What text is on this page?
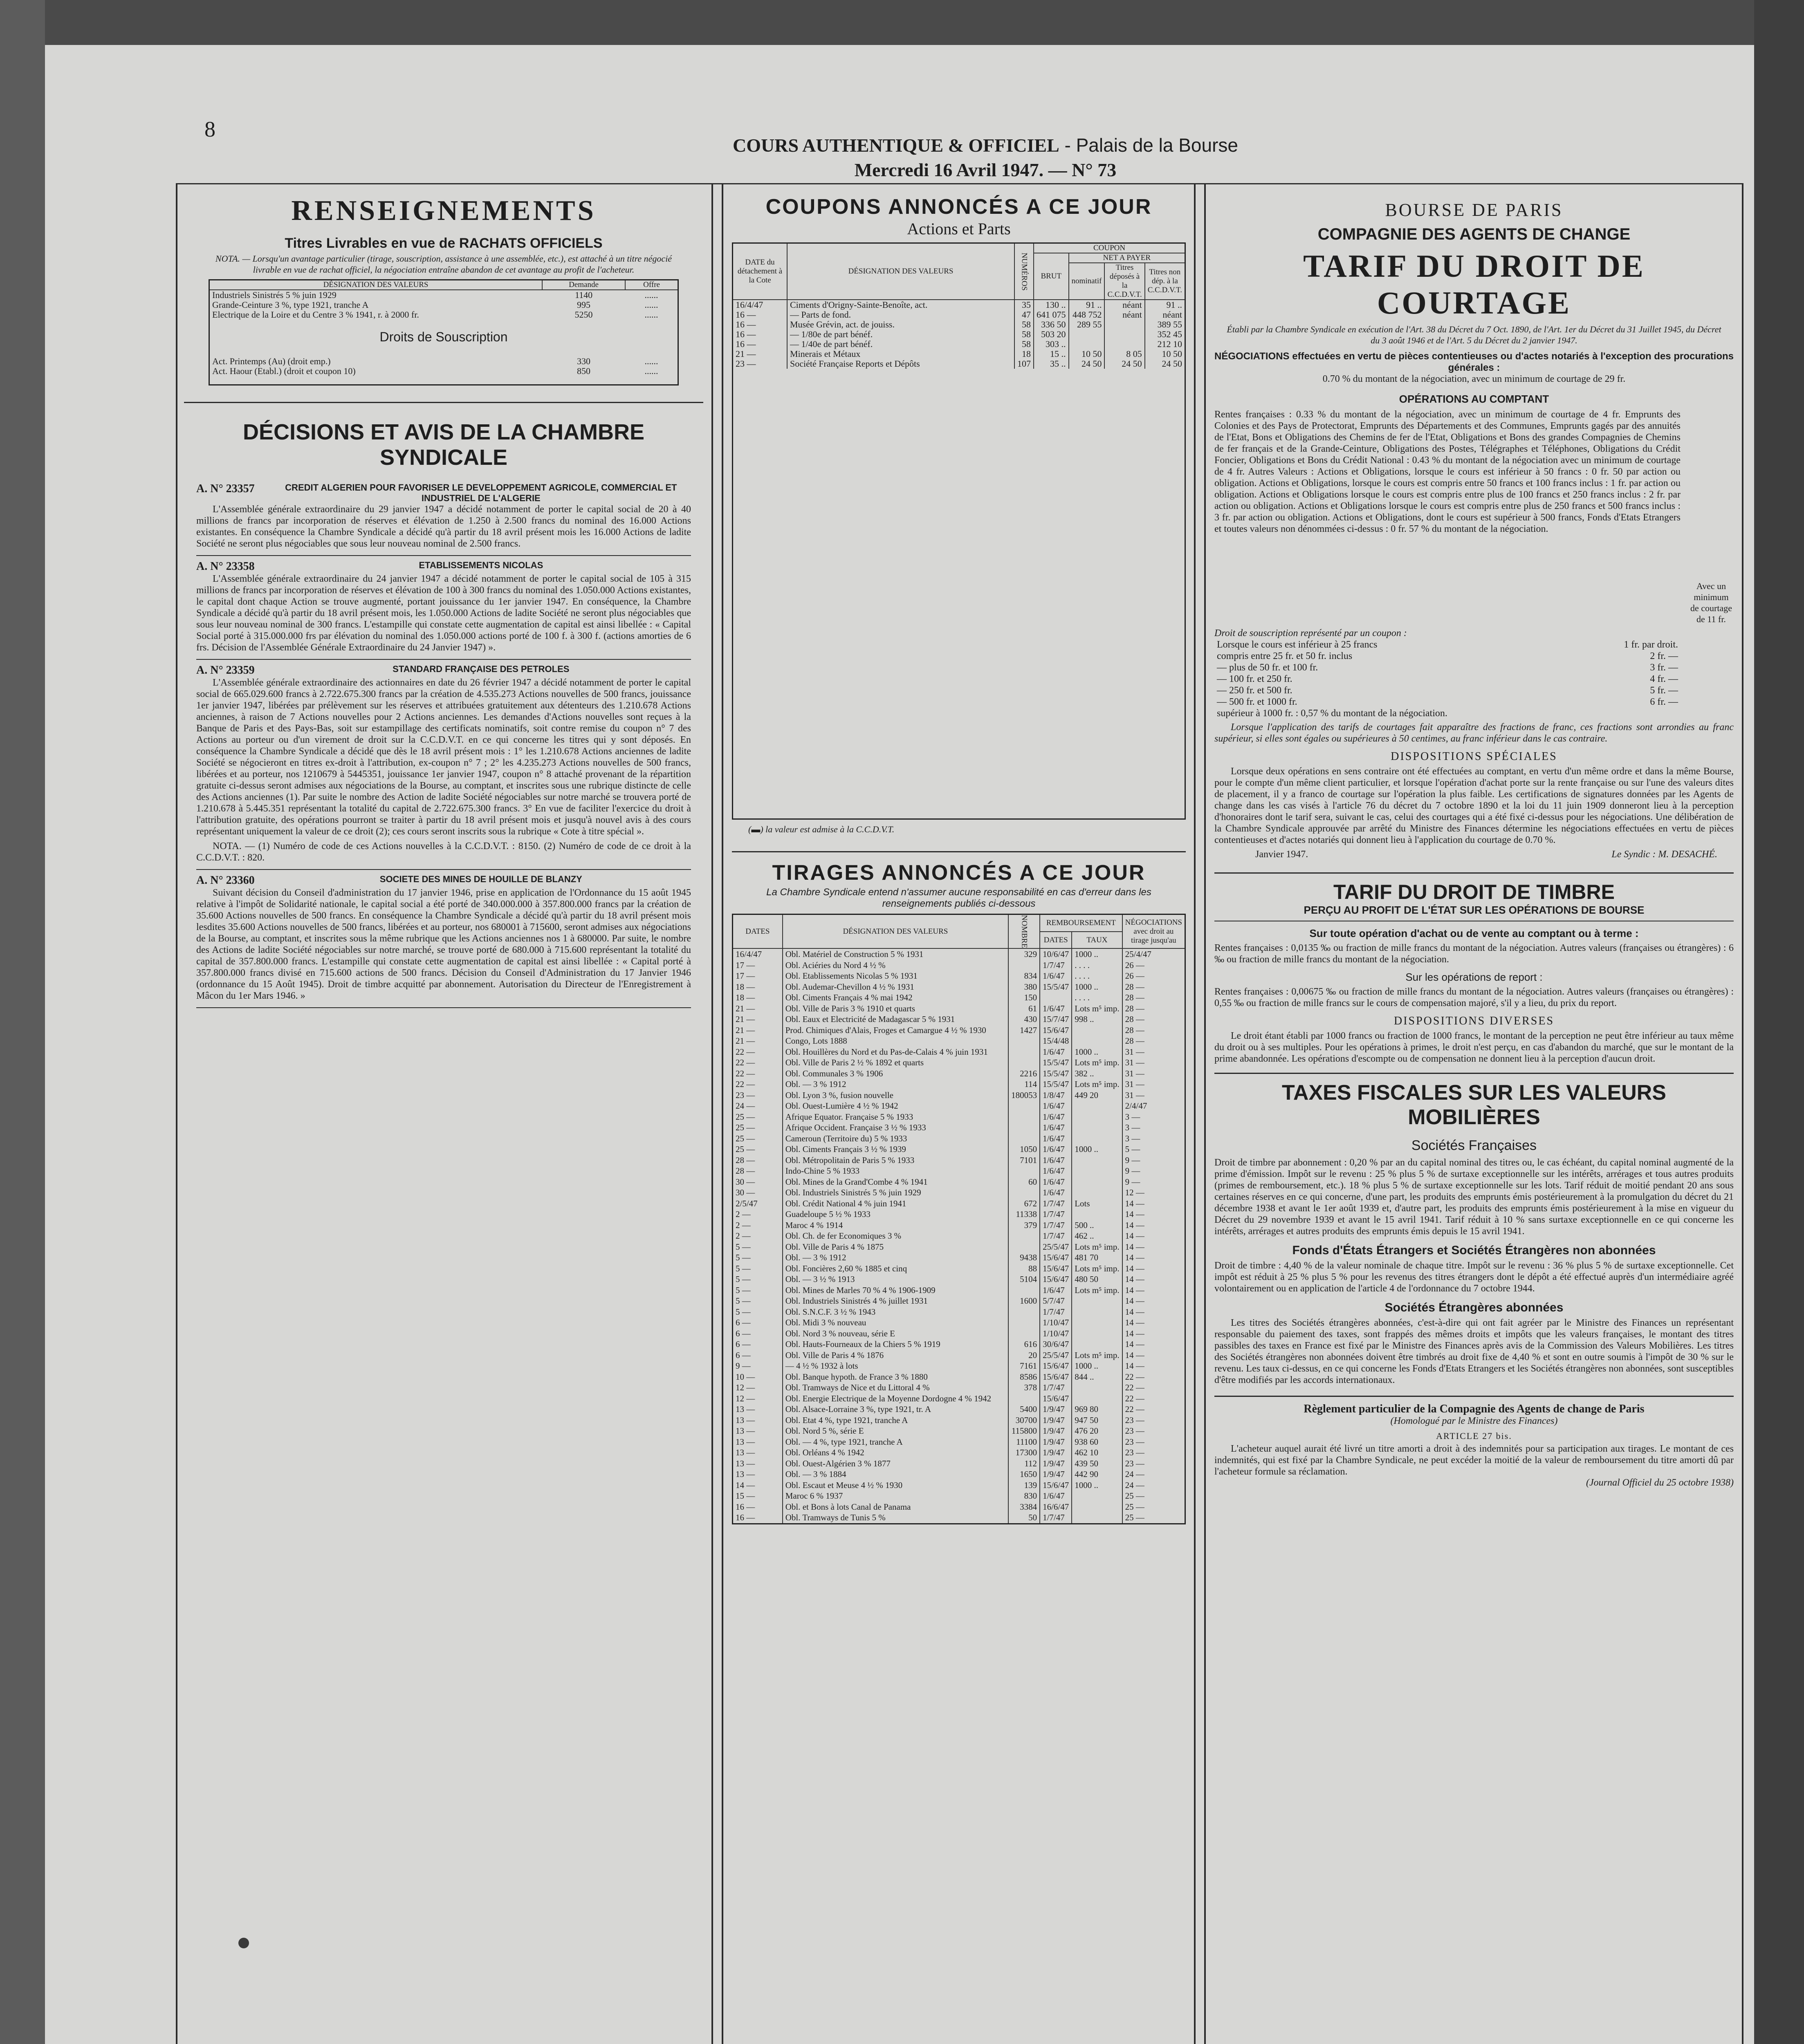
8
COURS AUTHENTIQUE & OFFICIEL - Palais de la Bourse
Mercredi 16 Avril 1947. — N° 73
RENSEIGNEMENTS
Titres Livrables en vue de RACHATS OFFICIELS
NOTA. — Lorsqu'un avantage particulier (tirage, souscription, assistance à une assemblée, etc.), est attaché à un titre négocié livrable en vue de rachat officiel, la négociation entraîne abandon de cet avantage au profit de l'acheteur.
DÉSIGNATION DES VALEURS	Demande	Offre
Industriels Sinistrés 5 % juin 1929	1140	......
Grande-Ceinture 3 %, type 1921, tranche A	995	......
Electrique de la Loire et du Centre 3 % 1941, r. à 2000 fr.	5250	......

Droits de Souscription		

Act. Printemps (Au) (droit emp.)	330	......
Act. Haour (Etabl.) (droit et coupon 10)	850	......

DÉCISIONS ET AVIS DE LA CHAMBRE SYNDICALE
A. N° 23357	CREDIT ALGERIEN POUR FAVORISER LE DEVELOPPEMENT AGRICOLE, COMMERCIAL ET INDUSTRIEL DE L'ALGERIE
L'Assemblée générale extraordinaire du 29 janvier 1947 a décidé notamment de porter le capital social de 20 à 40 millions de francs par incorporation de réserves et élévation de 1.250 à 2.500 francs du nominal des 16.000 Actions existantes. En conséquence la Chambre Syndicale a décidé qu'à partir du 18 avril présent mois les 16.000 Actions de ladite Société ne seront plus négociables que sous leur nouveau nominal de 2.500 francs.
A. N° 23358	ETABLISSEMENTS NICOLAS
L'Assemblée générale extraordinaire du 24 janvier 1947 a décidé notamment de porter le capital social de 105 à 315 millions de francs par incorporation de réserves et élévation de 100 à 300 francs du nominal des 1.050.000 Actions existantes, le capital dont chaque Action se trouve augmenté, portant jouissance du 1er janvier 1947. En conséquence, la Chambre Syndicale a décidé qu'à partir du 18 avril présent mois, les 1.050.000 Actions de ladite Société ne seront plus négociables que sous leur nouveau nominal de 300 francs. L'estampille qui constate cette augmentation de capital est ainsi libellée : « Capital Social porté à 315.000.000 frs par élévation du nominal des 1.050.000 actions porté de 100 f. à 300 f. (actions amorties de 6 frs. Décision de l'Assemblée Générale Extraordinaire du 24 Janvier 1947) ».
A. N° 23359	STANDARD FRANÇAISE DES PETROLES
L'Assemblée générale extraordinaire des actionnaires en date du 26 février 1947 a décidé notamment de porter le capital social de 665.029.600 francs à 2.722.675.300 francs par la création de 4.535.273 Actions nouvelles de 500 francs, jouissance 1er janvier 1947, libérées par prélèvement sur les réserves et attribuées gratuitement aux détenteurs des 1.210.678 Actions anciennes, à raison de 7 Actions nouvelles pour 2 Actions anciennes. Les demandes d'Actions nouvelles sont reçues à la Banque de Paris et des Pays-Bas, soit sur estampillage des certificats nominatifs, soit contre remise du coupon n° 7 des Actions au porteur ou d'un virement de droit sur la C.C.D.V.T. en ce qui concerne les titres qui y sont déposés. En conséquence la Chambre Syndicale a décidé que dès le 18 avril présent mois : 1° les 1.210.678 Actions anciennes de ladite Société se négocieront en titres ex-droit à l'attribution, ex-coupon n° 7 ; 2° les 4.235.273 Actions nouvelles de 500 francs, libérées et au porteur, nos 1210679 à 5445351, jouissance 1er janvier 1947, coupon n° 8 attaché provenant de la répartition gratuite ci-dessus seront admises aux négociations de la Bourse, au comptant, et inscrites sous une rubrique distincte de celle des Actions anciennes (1). Par suite le nombre des Action de ladite Société négociables sur notre marché se trouvera porté de 1.210.678 à 5.445.351 représentant la totalité du capital de 2.722.675.300 francs. 3° En vue de faciliter l'exercice du droit à l'attribution gratuite, des opérations pourront se traiter à partir du 18 avril présent mois et jusqu'à nouvel avis à des cours représentant uniquement la valeur de ce droit (2); ces cours seront inscrits sous la rubrique « Cote à titre spécial ».
NOTA. — (1) Numéro de code de ces Actions nouvelles à la C.C.D.V.T. : 8150. (2) Numéro de code de ce droit à la C.C.D.V.T. : 820.
A. N° 23360	SOCIETE DES MINES DE HOUILLE DE BLANZY
Suivant décision du Conseil d'administration du 17 janvier 1946, prise en application de l'Ordonnance du 15 août 1945 relative à l'impôt de Solidarité nationale, le capital social a été porté de 340.000.000 à 357.800.000 francs par la création de 35.600 Actions nouvelles de 500 francs. En conséquence la Chambre Syndicale a décidé qu'à partir du 18 avril présent mois lesdites 35.600 Actions nouvelles de 500 francs, libérées et au porteur, nos 680001 à 715600, seront admises aux négociations de la Bourse, au comptant, et inscrites sous la même rubrique que les Actions anciennes nos 1 à 680000. Par suite, le nombre des Actions de ladite Société négociables sur notre marché, se trouve porté de 680.000 à 715.600 représentant la totalité du capital de 357.800.000 francs. L'estampille qui constate cette augmentation de capital est ainsi libellée : « Capital porté à 357.800.000 francs divisé en 715.600 actions de 500 francs. Décision du Conseil d'Administration du 17 Janvier 1946 (ordonnance du 15 Août 1945). Droit de timbre acquitté par abonnement. Autorisation du Directeur de l'Enregistrement à Mâcon du 1er Mars 1946. »
COUPONS ANNONCÉS A CE JOUR
Actions et Parts
DATE du détachement à la Cote	DÉSIGNATION DES VALEURS	NUMÉROS	COUPON			
			BRUT	NET A PAYER		
				nominatif	Titres déposés à la C.C.D.V.T.	Titres non dép. à la C.C.D.V.T.
16/4/47	Ciments d'Origny-Sainte-Benoîte, act.	35	130 ..	91 ..	néant	91 ..
16 —	— Parts de fond.	47	641 075	448 752	néant	néant
16 —	Musée Grévin, act. de jouiss.	58	336 50	289 55		389 55
16 —	— 1/80e de part bénéf.	58	503 20			352 45
16 —	— 1/40e de part bénéf.	58	303 ..			212 10
21 —	Minerais et Métaux	18	15 ..	10 50	8 05	10 50
23 —	Société Française Reports et Dépôts	107	35 ..	24 50	24 50	24 50

(▬) la valeur est admise à la C.C.D.V.T.
TIRAGES ANNONCÉS A CE JOUR
La Chambre Syndicale entend n'assumer aucune responsabilité en cas d'erreur dans les renseignements publiés ci-dessous
DATES	DÉSIGNATION DES VALEURS	NOMBRE	REMBOURSEMENT		NÉGOCIATIONS avec droit au tirage jusqu'au
			DATES	TAUX	
16/4/47	Obl. Matériel de Construction 5 % 1931	329	10/6/47	1000 ..	25/4/47
17 —	Obl. Aciéries du Nord 4 ½ %		1/7/47	. . . .	26 —
17 —	Obl. Etablissements Nicolas 5 % 1931	834	1/6/47	. . . .	26 —
18 —	Obl. Audemar-Chevillon 4 ½ % 1931	380	15/5/47	1000 ..	28 —
18 —	Obl. Ciments Français 4 % mai 1942	150		. . . .	28 —
21 —	Obl. Ville de Paris 3 % 1910 et quarts	61	1/6/47	Lots m⁵ imp.	28 —
21 —	Obl. Eaux et Electricité de Madagascar 5 % 1931	430	15/7/47	998 ..	28 —
21 —	Prod. Chimiques d'Alais, Froges et Camargue 4 ½ % 1930	1427	15/6/47		28 —
21 —	Congo, Lots 1888		15/4/48		28 —
22 —	Obl. Houillères du Nord et du Pas-de-Calais 4 % juin 1931		1/6/47	1000 ..	31 —
22 —	Obl. Ville de Paris 2 ½ % 1892 et quarts		15/5/47	Lots m⁵ imp.	31 —
22 —	Obl. Communales 3 % 1906	2216	15/5/47	382 ..	31 —
22 —	Obl. — 3 % 1912	114	15/5/47	Lots m⁵ imp.	31 —
23 —	Obl. Lyon 3 %, fusion nouvelle	180053	1/8/47	449 20	31 —
24 —	Obl. Ouest-Lumière 4 ½ % 1942		1/6/47		2/4/47
25 —	Afrique Equator. Française 5 % 1933		1/6/47		3 —
25 —	Afrique Occident. Française 3 ½ % 1933		1/6/47		3 —
25 —	Cameroun (Territoire du) 5 % 1933		1/6/47		3 —
25 —	Obl. Ciments Français 3 ½ % 1939	1050	1/6/47	1000 ..	5 —
28 —	Obl. Métropolitain de Paris 5 % 1933	7101	1/6/47		9 —
28 —	Indo-Chine 5 % 1933		1/6/47		9 —
30 —	Obl. Mines de la Grand'Combe 4 % 1941	60	1/6/47		9 —
30 —	Obl. Industriels Sinistrés 5 % juin 1929		1/6/47		12 —
2/5/47	Obl. Crédit National 4 % juin 1941	672	1/7/47	Lots	14 —
2 —	Guadeloupe 5 ½ % 1933	11338	1/7/47		14 —
2 —	Maroc 4 % 1914	379	1/7/47	500 ..	14 —
2 —	Obl. Ch. de fer Economiques 3 %		1/7/47	462 ..	14 —
5 —	Obl. Ville de Paris 4 % 1875		25/5/47	Lots m⁵ imp.	14 —
5 —	Obl. — 3 % 1912	9438	15/6/47	481 70	14 —
5 —	Obl. Foncières 2,60 % 1885 et cinq	88	15/6/47	Lots m⁵ imp.	14 —
5 —	Obl. — 3 ½ % 1913	5104	15/6/47	480 50	14 —
5 —	Obl. Mines de Marles 70 % 4 % 1906-1909		1/6/47	Lots m⁵ imp.	14 —
5 —	Obl. Industriels Sinistrés 4 % juillet 1931	1600	5/7/47		14 —
5 —	Obl. S.N.C.F. 3 ½ % 1943		1/7/47		14 —
6 —	Obl. Midi 3 % nouveau		1/10/47		14 —
6 —	Obl. Nord 3 % nouveau, série E		1/10/47		14 —
6 —	Obl. Hauts-Fourneaux de la Chiers 5 % 1919	616	30/6/47		14 —
6 —	Obl. Ville de Paris 4 % 1876	20	25/5/47	Lots m⁵ imp.	14 —
9 —	— 4 ½ % 1932 à lots	7161	15/6/47	1000 ..	14 —
10 —	Obl. Banque hypoth. de France 3 % 1880	8586	15/6/47	844 ..	22 —
12 —	Obl. Tramways de Nice et du Littoral 4 %	378	1/7/47		22 —
12 —	Obl. Energie Electrique de la Moyenne Dordogne 4 % 1942		15/6/47		22 —
13 —	Obl. Alsace-Lorraine 3 %, type 1921, tr. A	5400	1/9/47	969 80	22 —
13 —	Obl. Etat 4 %, type 1921, tranche A	30700	1/9/47	947 50	23 —
13 —	Obl. Nord 5 %, série E	115800	1/9/47	476 20	23 —
13 —	Obl. — 4 %, type 1921, tranche A	11100	1/9/47	938 60	23 —
13 —	Obl. Orléans 4 % 1942	17300	1/9/47	462 10	23 —
13 —	Obl. Ouest-Algérien 3 % 1877	112	1/9/47	439 50	23 —
13 —	Obl. — 3 % 1884	1650	1/9/47	442 90	24 —
14 —	Obl. Escaut et Meuse 4 ½ % 1930	139	15/6/47	1000 ..	24 —
15 —	Maroc 6 % 1937	830	1/6/47		25 —
16 —	Obl. et Bons à lots Canal de Panama	3384	16/6/47		25 —
16 —	Obl. Tramways de Tunis 5 %	50	1/7/47		25 —
BOURSE DE PARIS
COMPAGNIE DES AGENTS DE CHANGE
TARIF DU DROIT DE COURTAGE
Établi par la Chambre Syndicale en exécution de l'Art. 38 du Décret du 7 Oct. 1890, de l'Art. 1er du Décret du 31 Juillet 1945, du Décret du 3 août 1946 et de l'Art. 5 du Décret du 2 janvier 1947.
NÉGOCIATIONS effectuées en vertu de pièces contentieuses ou d'actes notariés à l'exception des procurations générales :
0.70 % du montant de la négociation, avec un minimum de courtage de 29 fr.
OPÉRATIONS AU COMPTANT
Rentes françaises : 0.33 % du montant de la négociation, avec un minimum de courtage de 4 fr. Emprunts des Colonies et des Pays de Protectorat, Emprunts des Départements et des Communes, Emprunts gagés par des annuités de l'Etat, Bons et Obligations des Chemins de fer de l'Etat, Obligations et Bons des grandes Compagnies de Chemins de fer français et de la Grande-Ceinture, Obligations des Postes, Télégraphes et Téléphones, Obligations du Crédit Foncier, Obligations et Bons du Crédit National : 0.43 % du montant de la négociation avec un minimum de courtage de 4 fr. Autres Valeurs : Actions et Obligations, lorsque le cours est inférieur à 50 francs : 0 fr. 50 par action ou obligation. Actions et Obligations, lorsque le cours est compris entre 50 francs et 100 francs inclus : 1 fr. par action ou obligation. Actions et Obligations lorsque le cours est compris entre plus de 100 francs et 250 francs inclus : 2 fr. par action ou obligation. Actions et Obligations lorsque le cours est compris entre plus de 250 francs et 500 francs inclus : 3 fr. par action ou obligation. Actions et Obligations, dont le cours est supérieur à 500 francs, Fonds d'Etats Etrangers et toutes valeurs non dénommées ci-dessus : 0 fr. 57 % du montant de la négociation.
Avec un minimum de courtage de 11 fr.
Droit de souscription représenté par un coupon :
Lorsque le cours est inférieur à 25 francs	1 fr. par droit.
compris entre 25 fr. et 50 fr. inclus	2 fr. —
— plus de 50 fr. et 100 fr.	3 fr. —
— 100 fr. et 250 fr.	4 fr. —
— 250 fr. et 500 fr.	5 fr. —
— 500 fr. et 1000 fr.	6 fr. —
supérieur à 1000 fr. : 0,57 % du montant de la négociation.	
Lorsque l'application des tarifs de courtages fait apparaître des fractions de franc, ces fractions sont arrondies au franc supérieur, si elles sont égales ou supérieures à 50 centimes, au franc inférieur dans le cas contraire.
DISPOSITIONS SPÉCIALES
Lorsque deux opérations en sens contraire ont été effectuées au comptant, en vertu d'un même ordre et dans la même Bourse, pour le compte d'un même client particulier, et lorsque l'opération d'achat porte sur la rente française ou sur l'une des valeurs dites de placement, il y a franco de courtage sur l'opération la plus faible. Les certifications de signatures données par les Agents de change dans les cas visés à l'article 76 du décret du 7 octobre 1890 et la loi du 11 juin 1909 donneront lieu à la perception d'honoraires dont le tarif sera, suivant le cas, celui des courtages qui a été fixé ci-dessus pour les négociations. Une délibération de la Chambre Syndicale approuvée par arrêté du Ministre des Finances détermine les négociations effectuées en vertu de pièces contentieuses et d'actes notariés qui donnent lieu à l'application du courtage de 0.70 %.
Janvier 1947.	Le Syndic : M. DESACHÉ.
TARIF DU DROIT DE TIMBRE
PERÇU AU PROFIT DE L'ÉTAT SUR LES OPÉRATIONS DE BOURSE
Sur toute opération d'achat ou de vente au comptant ou à terme :
Rentes françaises : 0,0135 ‰ ou fraction de mille francs du montant de la négociation. Autres valeurs (françaises ou étrangères) : 6 ‰ ou fraction de mille francs du montant de la négociation.
Sur les opérations de report :
Rentes françaises : 0,00675 ‰ ou fraction de mille francs du montant de la négociation. Autres valeurs (françaises ou étrangères) : 0,55 ‰ ou fraction de mille francs sur le cours de compensation majoré, s'il y a lieu, du prix du report.
DISPOSITIONS DIVERSES
Le droit étant établi par 1000 francs ou fraction de 1000 francs, le montant de la perception ne peut être inférieur au taux même du droit ou à ses multiples. Pour les opérations à primes, le droit n'est perçu, en cas d'abandon du marché, que sur le montant de la prime abandonnée. Les opérations d'escompte ou de compensation ne donnent lieu à la perception d'aucun droit.
TAXES FISCALES SUR LES VALEURS MOBILIÈRES
Sociétés Françaises
Droit de timbre par abonnement : 0,20 % par an du capital nominal des titres ou, le cas échéant, du capital nominal augmenté de la prime d'émission. Impôt sur le revenu : 25 % plus 5 % de surtaxe exceptionnelle sur les intérêts, arrérages et tous autres produits (primes de remboursement, etc.). 18 % plus 5 % de surtaxe exceptionnelle sur les lots. Tarif réduit de moitié pendant 20 ans sous certaines réserves en ce qui concerne, d'une part, les produits des emprunts émis postérieurement à la promulgation du décret du 21 décembre 1938 et avant le 1er août 1939 et, d'autre part, les produits des emprunts émis postérieurement à la mise en vigueur du Décret du 29 novembre 1939 et avant le 15 avril 1941. Tarif réduit à 10 % sans surtaxe exceptionnelle en ce qui concerne les intérêts, arrérages et autres produits des emprunts émis depuis le 15 avril 1941.
Fonds d'États Étrangers et Sociétés Étrangères non abonnées
Droit de timbre : 4,40 % de la valeur nominale de chaque titre. Impôt sur le revenu : 36 % plus 5 % de surtaxe exceptionnelle. Cet impôt est réduit à 25 % plus 5 % pour les revenus des titres étrangers dont le dépôt a été effectué auprès d'un intermédiaire agréé volontairement ou en application de l'article 4 de l'ordonnance du 7 octobre 1944.
Sociétés Étrangères abonnées
Les titres des Sociétés étrangères abonnées, c'est-à-dire qui ont fait agréer par le Ministre des Finances un représentant responsable du paiement des taxes, sont frappés des mêmes droits et impôts que les valeurs françaises, le montant des titres passibles des taxes en France est fixé par le Ministre des Finances après avis de la Commission des Valeurs Mobilières. Les titres des Sociétés étrangères non abonnées doivent être timbrés au droit fixe de 4,40 % et sont en outre soumis à l'impôt de 30 % sur le revenu. Les taux ci-dessus, en ce qui concerne les Fonds d'Etats Etrangers et les Sociétés étrangères non abonnées, sont susceptibles d'être modifiés par les accords internationaux.
Règlement particulier de la Compagnie des Agents de change de Paris
(Homologué par le Ministre des Finances)
ARTICLE 27 bis.
L'acheteur auquel aurait été livré un titre amorti a droit à des indemnités pour sa participation aux tirages. Le montant de ces indemnités, qui est fixé par la Chambre Syndicale, ne peut excéder la moitié de la valeur de remboursement du titre amorti dû par l'acheteur formule sa réclamation.
(Journal Officiel du 25 octobre 1938)
